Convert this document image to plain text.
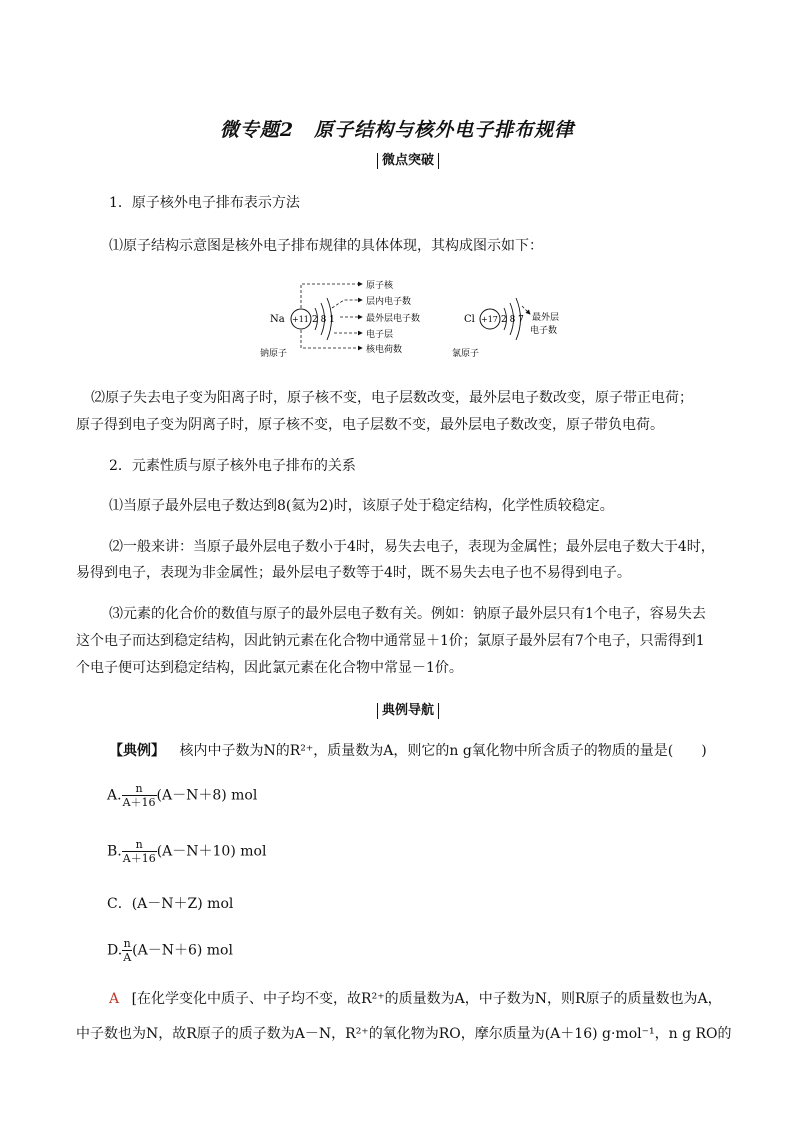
微专题2　原子结构与核外电子排布规律
微点突破
1．原子核外电子排布表示方法
⑴原子结构示意图是核外电子排布规律的具体体现，其构成图示如下：
Na +11 2 8 1
钠原子
原子核
层内电子数
最外层电子数
电子层
核电荷数
Cl +17 2 8 7 最外层
电子数
氯原子
⑵原子失去电子变为阳离子时，原子核不变，电子层数改变，最外层电子数改变，原子带正电荷；
原子得到电子变为阴离子时，原子核不变，电子层数不变，最外层电子数改变，原子带负电荷。
2．元素性质与原子核外电子排布的关系
⑴当原子最外层电子数达到8(氦为2)时，该原子处于稳定结构，化学性质较稳定。
⑵一般来讲：当原子最外层电子数小于4时，易失去电子，表现为金属性；最外层电子数大于4时，
易得到电子，表现为非金属性；最外层电子数等于4时，既不易失去电子也不易得到电子。
⑶元素的化合价的数值与原子的最外层电子数有关。例如：钠原子最外层只有1个电子，容易失去
这个电子而达到稳定结构，因此钠元素在化合物中通常显＋1价；氯原子最外层有7个电子，只需得到1
个电子便可达到稳定结构，因此氯元素在化合物中常显－1价。
典例导航
【典例】 核内中子数为N的R²⁺，质量数为A，则它的n g氧化物中所含质子的物质的量是(　　)
A. $\frac{n}{A+16} (A-N+8)$ mol
B. $\frac{n}{A+16} (A-N+10)$ mol
C．(A－N＋Z) mol
D. $\frac{n}{A} (A-N+6)$ mol
A [在化学变化中质子、中子均不变，故R²⁺的质量数为A，中子数为N，则R原子的质量数也为A，
中子数也为N，故R原子的质子数为A－N，R²⁺的氧化物为RO，摩尔质量为(A＋16) g·mol⁻¹，n g RO的
